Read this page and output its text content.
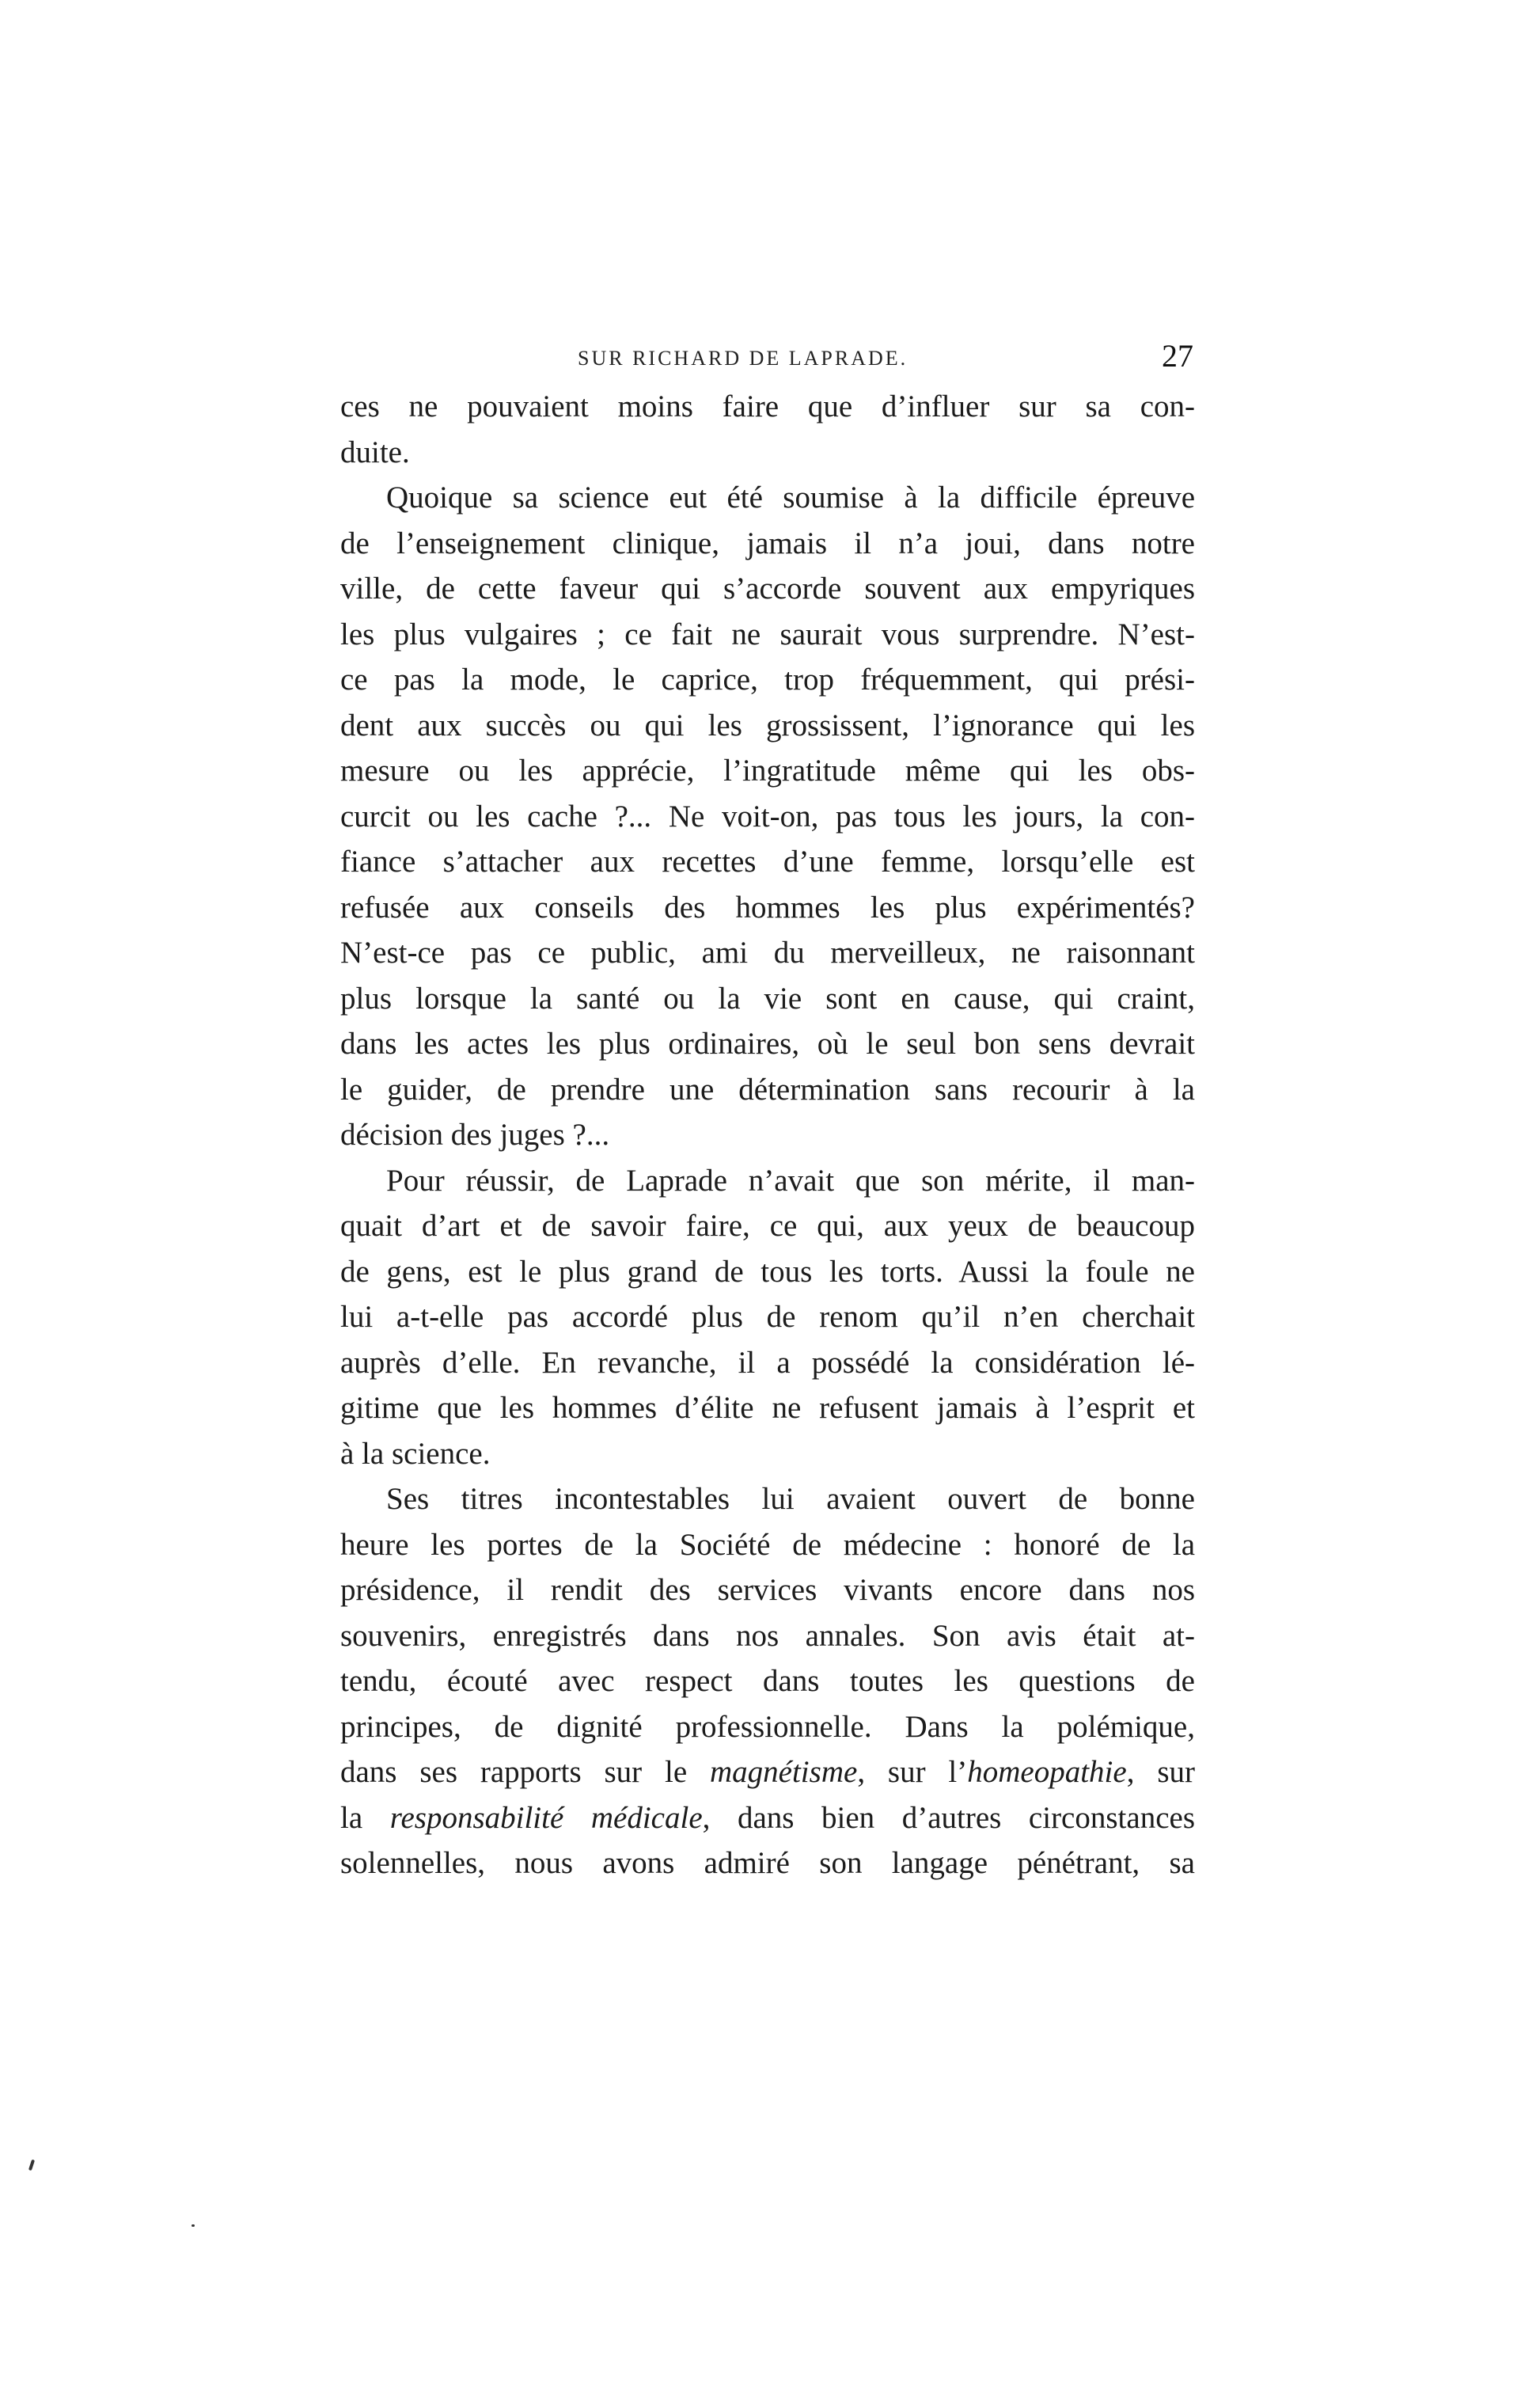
SUR RICHARD DE LAPRADE.	27
ces ne pouvaient moins faire que d’influer sur sa con-
duite.
Quoique sa science eut été soumise à la difficile épreuve
de l’enseignement clinique, jamais il n’a joui, dans notre
ville, de cette faveur qui s’accorde souvent aux empyriques
les plus vulgaires ; ce fait ne saurait vous surprendre. N’est-
ce pas la mode, le caprice, trop fréquemment, qui prési-
dent aux succès ou qui les grossissent, l’ignorance qui les
mesure ou les apprécie, l’ingratitude même qui les obs-
curcit ou les cache ?... Ne voit-on, pas tous les jours, la con-
fiance s’attacher aux recettes d’une femme, lorsqu’elle est
refusée aux conseils des hommes les plus expérimentés?
N’est-ce pas ce public, ami du merveilleux, ne raisonnant
plus lorsque la santé ou la vie sont en cause, qui craint,
dans les actes les plus ordinaires, où le seul bon sens devrait
le guider, de prendre une détermination sans recourir à la
décision des juges ?...
Pour réussir, de Laprade n’avait que son mérite, il man-
quait d’art et de savoir faire, ce qui, aux yeux de beaucoup
de gens, est le plus grand de tous les torts. Aussi la foule ne
lui a-t-elle pas accordé plus de renom qu’il n’en cherchait
auprès d’elle. En revanche, il a possédé la considération lé-
gitime que les hommes d’élite ne refusent jamais à l’esprit et
à la science.
Ses titres incontestables lui avaient ouvert de bonne
heure les portes de la Société de médecine : honoré de la
présidence, il rendit des services vivants encore dans nos
souvenirs, enregistrés dans nos annales. Son avis était at-
tendu, écouté avec respect dans toutes les questions de
principes, de dignité professionnelle. Dans la polémique,
dans ses rapports sur le magnétisme, sur l’homeopathie, sur
la responsabilité médicale, dans bien d’autres circonstances
solennelles, nous avons admiré son langage pénétrant, sa
